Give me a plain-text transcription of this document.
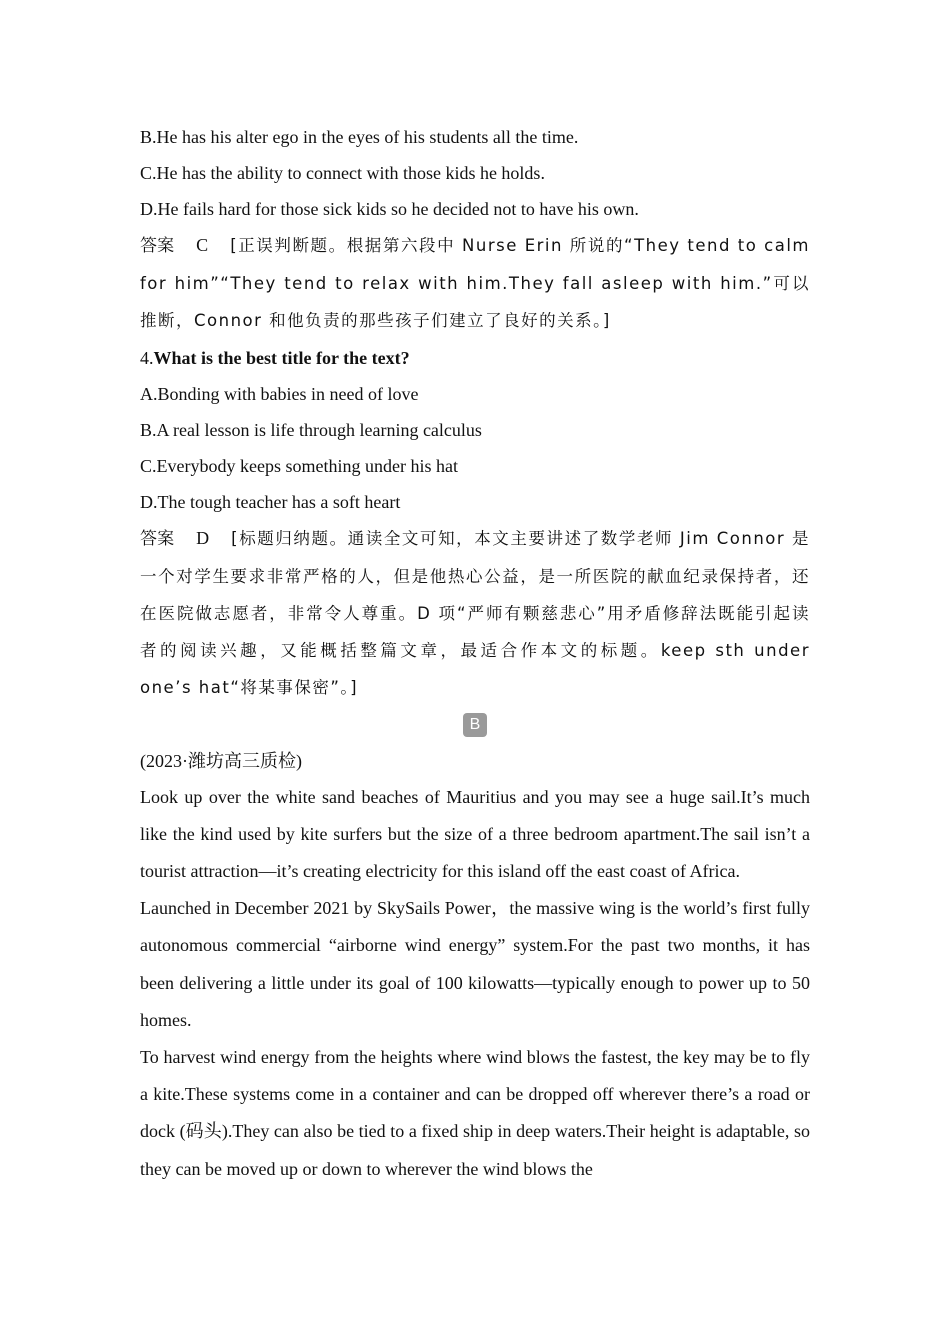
B.He has his alter ego in the eyes of his students all the time.

C.He has the ability to connect with those kids he holds.

D.He fails hard for those sick kids so he decided not to have his own.

答案 C [正误判断题。根据第六段中 Nurse Erin 所说的“They tend to calm for him”“They tend to relax with him.They fall asleep with him.”可以推断，Connor 和他负责的那些孩子们建立了良好的关系。]

4.What is the best title for the text?

A.Bonding with babies in need of love

B.A real lesson is life through learning calculus

C.Everybody keeps something under his hat

D.The tough teacher has a soft heart

答案 D [标题归纳题。通读全文可知，本文主要讲述了数学老师 Jim Connor 是一个对学生要求非常严格的人，但是他热心公益，是一所医院的献血纪录保持者，还在医院做志愿者，非常令人尊重。D 项“严师有颗慈悲心”用矛盾修辞法既能引起读者的阅读兴趣，又能概括整篇文章，最适合作本文的标题。keep sth under one’s hat“将某事保密”。]

B

(2023·潍坊高三质检)

Look up over the white sand beaches of Mauritius and you may see a huge sail.It’s much like the kind used by kite surfers but the size of a three bedroom apartment.The sail isn’t a tourist attraction—it’s creating electricity for this island off the east coast of Africa.

Launched in December 2021 by SkySails Power，the massive wing is the world’s first fully autonomous commercial “airborne wind energy” system.For the past two months, it has been delivering a little under its goal of 100 kilowatts—typically enough to power up to 50 homes.

To harvest wind energy from the heights where wind blows the fastest, the key may be to fly a kite.These systems come in a container and can be dropped off wherever there’s a road or dock (码头).They can also be tied to a fixed ship in deep waters.Their height is adaptable, so they can be moved up or down to wherever the wind blows the
